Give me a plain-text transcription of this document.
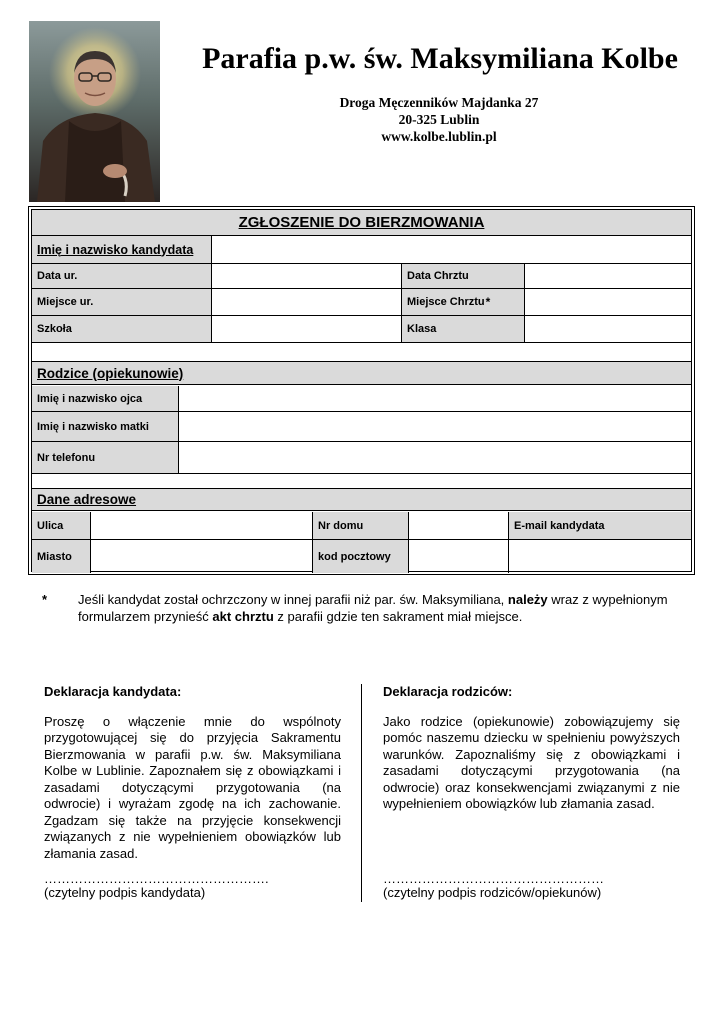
Parafia p.w. św. Maksymiliana Kolbe
Droga Męczenników Majdanka 27
20-325 Lublin
www.kolbe.lublin.pl
ZGŁOSZENIE DO BIERZMOWANIA
Imię i nazwisko kandydata
Data ur.	Data Chrztu
Miejsce ur.	Miejsce Chrztu *
Szkoła	Klasa
Rodzice (opiekunowie)
Imię i nazwisko ojca
Imię i nazwisko matki
Nr telefonu
Dane adresowe
Ulica	Nr domu	E-mail kandydata
Miasto	kod pocztowy
* Jeśli kandydat został ochrzczony w innej parafii niż par. św. Maksymiliana, należy wraz z wypełnionym formularzem przynieść akt chrztu z parafii gdzie ten sakrament miał miejsce.
Deklaracja kandydata:

Proszę o włączenie mnie do wspólnoty przygotowującej się do przyjęcia Sakramentu Bierzmowania w parafii p.w. św. Maksymiliana Kolbe w Lublinie. Zapoznałem się z obowiązkami i zasadami dotyczącymi przygotowania (na odwrocie) i wyrażam zgodę na ich zachowanie. Zgadzam się także na przyjęcie konsekwencji związanych z nie wypełnieniem obowiązków lub złamania zasad.

…………………………………………….
(czytelny podpis kandydata)
Deklaracja rodziców:

Jako rodzice (opiekunowie) zobowiązujemy się pomóc naszemu dziecku w spełnieniu powyższych warunków. Zapoznaliśmy się z obowiązkami i zasadami dotyczącymi przygotowania (na odwrocie) oraz konsekwencjami związanymi z nie wypełnieniem obowiązków lub złamania zasad.

……………………………………………
(czytelny podpis rodziców/opiekunów)
